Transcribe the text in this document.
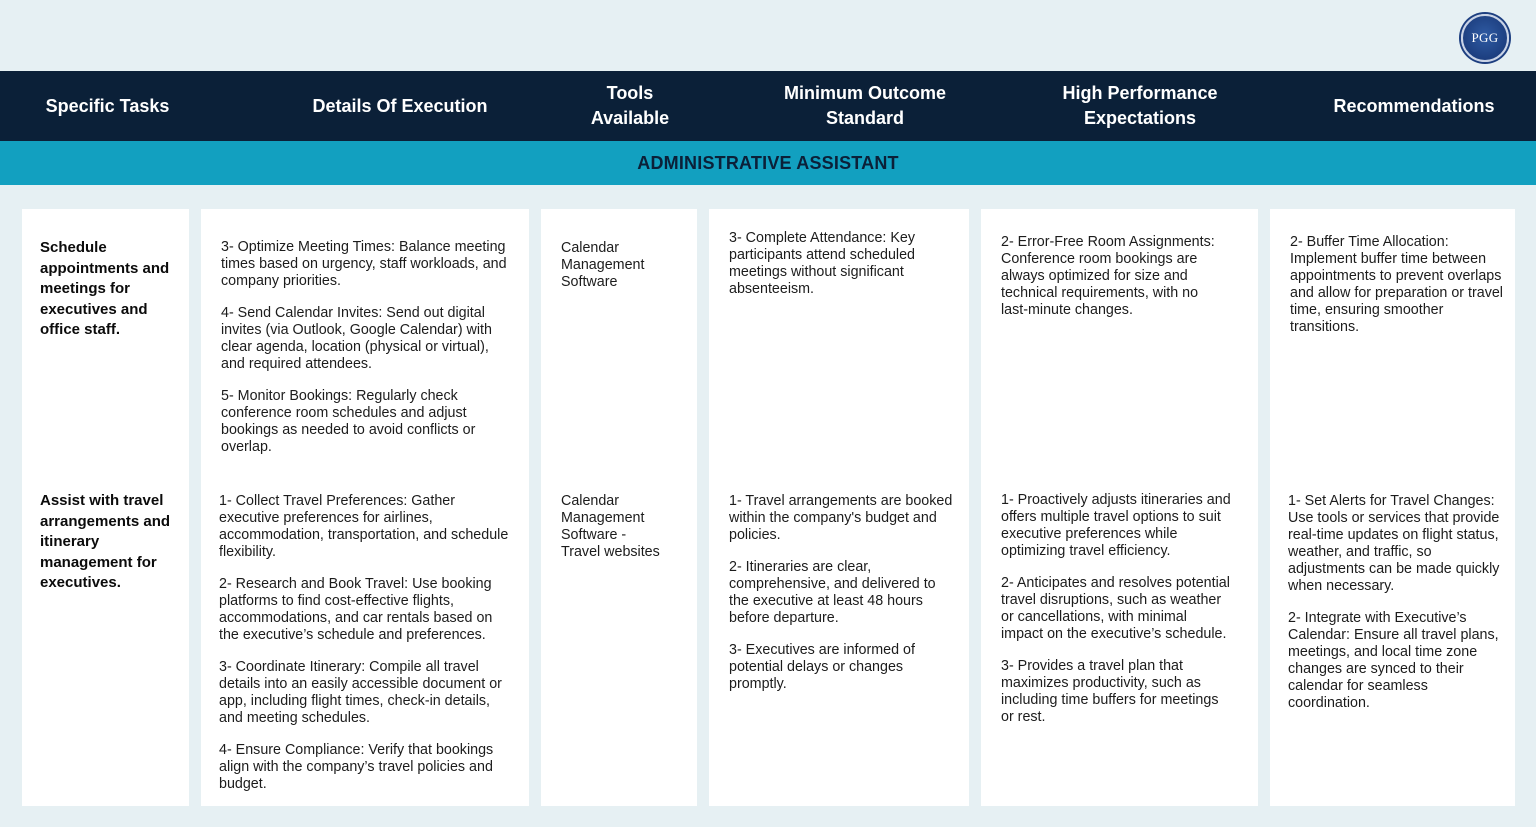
PGG
Specific Tasks	Details Of Execution
Tools
Available
Minimum Outcome
Standard
High Performance
Expectations
Recommendations
ADMINISTRATIVE ASSISTANT
Schedule appointments and meetings for executives and office staff.

3- Optimize Meeting Times: Balance meeting times based on urgency, staff workloads, and company priorities.

4- Send Calendar Invites: Send out digital invites (via Outlook, Google Calendar) with clear agenda, location (physical or virtual), and required attendees.

5- Monitor Bookings: Regularly check conference room schedules and adjust bookings as needed to avoid conflicts or overlap.

Calendar Management Software

3- Complete Attendance: Key participants attend scheduled meetings without significant absenteeism.

2- Error-Free Room Assignments: Conference room bookings are always optimized for size and technical requirements, with no last-minute changes.

2- Buffer Time Allocation: Implement buffer time between appointments to prevent overlaps and allow for preparation or travel time, ensuring smoother transitions.

Assist with travel arrangements and itinerary management for executives.

1- Collect Travel Preferences: Gather executive preferences for airlines, accommodation, transportation, and schedule flexibility.

2- Research and Book Travel: Use booking platforms to find cost-effective flights, accommodations, and car rentals based on the executive’s schedule and preferences.

3- Coordinate Itinerary: Compile all travel details into an easily accessible document or app, including flight times, check-in details, and meeting schedules.

4- Ensure Compliance: Verify that bookings align with the company’s travel policies and budget.

Calendar Management Software - Travel websites

1- Travel arrangements are booked within the company's budget and policies.

2- Itineraries are clear, comprehensive, and delivered to the executive at least 48 hours before departure.

3- Executives are informed of potential delays or changes promptly.

1- Proactively adjusts itineraries and offers multiple travel options to suit executive preferences while optimizing travel efficiency.

2- Anticipates and resolves potential travel disruptions, such as weather or cancellations, with minimal impact on the executive’s schedule.

3- Provides a travel plan that maximizes productivity, such as including time buffers for meetings or rest.

1- Set Alerts for Travel Changes: Use tools or services that provide real-time updates on flight status, weather, and traffic, so adjustments can be made quickly when necessary.

2- Integrate with Executive’s Calendar: Ensure all travel plans, meetings, and local time zone changes are synced to their calendar for seamless coordination.
